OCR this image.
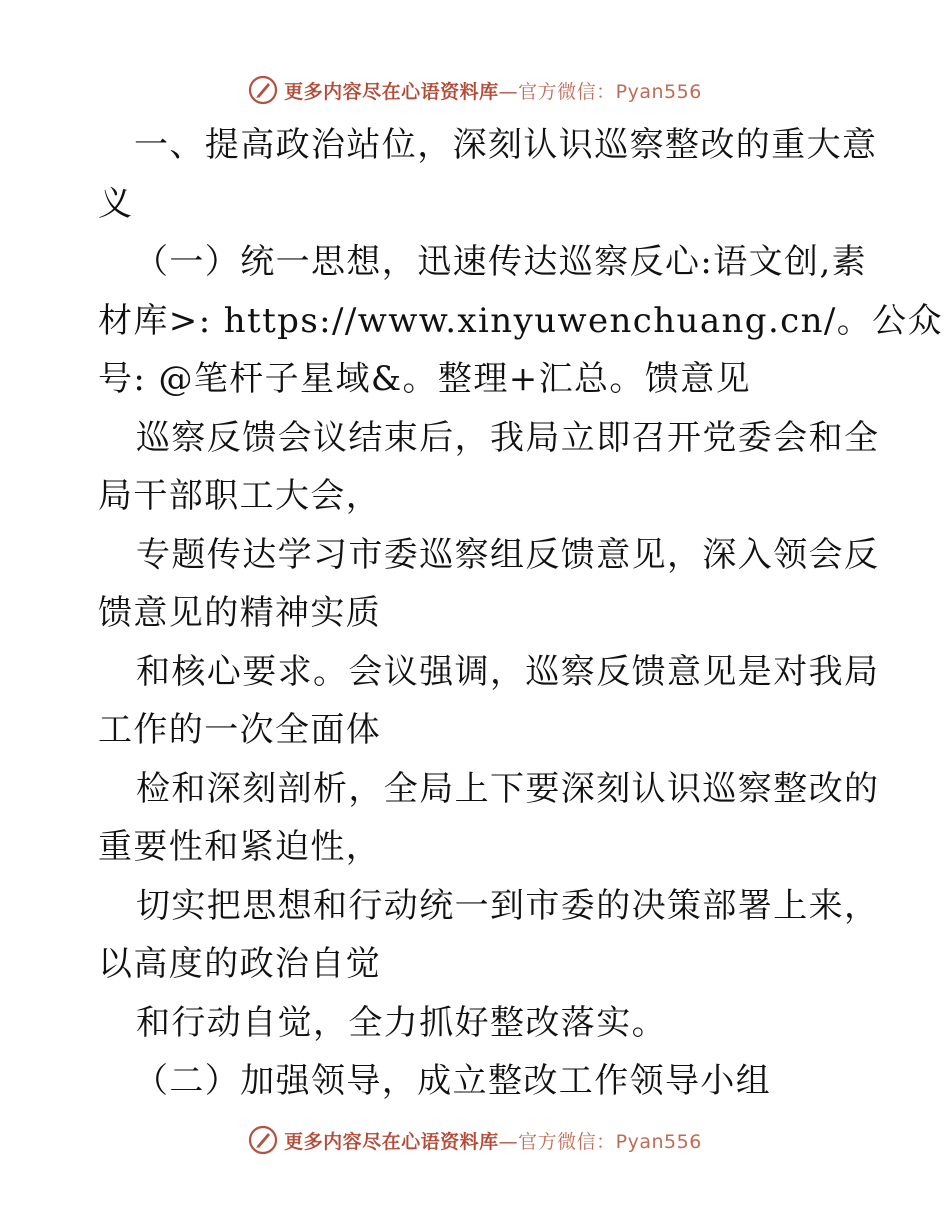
更多内容尽在心语资料库—官方微信：Pyan556
一、提高政治站位，深刻认识巡察整改的重大意
义
（一）统一思想，迅速传达巡察反心:语文创,素
材库>: https://www.xinyuwenchuang.cn/。公众
号: @笔杆子星域&。整理+汇总。馈意见
巡察反馈会议结束后，我局立即召开党委会和全
局干部职工大会，
专题传达学习市委巡察组反馈意见，深入领会反
馈意见的精神实质
和核心要求。会议强调，巡察反馈意见是对我局
工作的一次全面体
检和深刻剖析，全局上下要深刻认识巡察整改的
重要性和紧迫性，
切实把思想和行动统一到市委的决策部署上来，
以高度的政治自觉
和行动自觉，全力抓好整改落实。
（二）加强领导，成立整改工作领导小组
更多内容尽在心语资料库—官方微信：Pyan556
